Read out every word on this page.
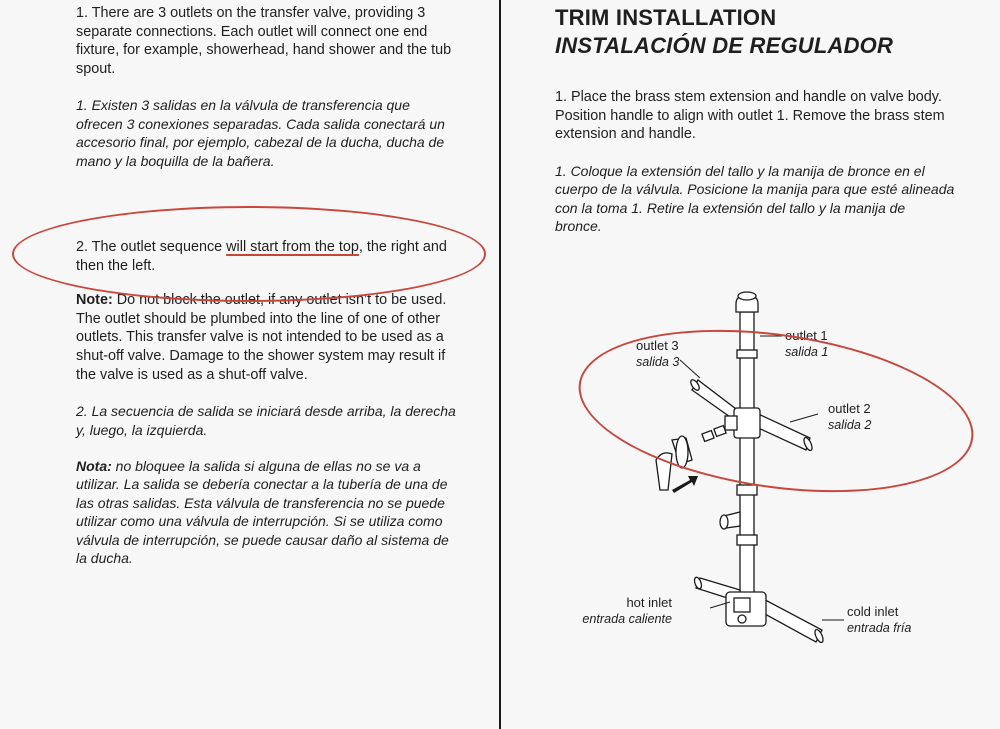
1. There are 3 outlets on the transfer valve, providing 3 separate connections. Each outlet will connect one end fixture, for example, showerhead, hand shower and the tub spout.

1. Existen 3 salidas en la válvula de transferencia que ofrecen 3 conexiones separadas. Cada salida conectará un accesorio final, por ejemplo, cabezal de la ducha, ducha de mano y la boquilla de la bañera.

2. The outlet sequence will start from the top, the right and then the left.

Note: Do not block the outlet, if any outlet isn’t to be used. The outlet should be plumbed into the line of one of other outlets. This transfer valve is not intended to be used as a shut-off valve. Damage to the shower system may result if the valve is used as a shut-off valve.

2. La secuencia de salida se iniciará desde arriba, la derecha y, luego, la izquierda.

Nota: no bloquee la salida si alguna de ellas no se va a utilizar. La salida se debería conectar a la tubería de una de las otras salidas. Esta válvula de transferencia no se puede utilizar como una válvula de interrupción. Si se utiliza como válvula de interrupción, se puede causar daño al sistema de la ducha.

TRIM INSTALLATION
INSTALACIÓN DE REGULADOR

1. Place the brass stem extension and handle on valve body. Position handle to align with outlet 1. Remove the brass stem extension and handle.

1. Coloque la extensión del tallo y la manija de bronce en el cuerpo de la válvula. Posicione la manija para que esté alineada con la toma 1. Retire la extensión del tallo y la manija de bronce.

outlet 1
salida 1
outlet 3
salida 3
outlet 2
salida 2
hot inlet
entrada caliente	cold inlet
entrada fría
